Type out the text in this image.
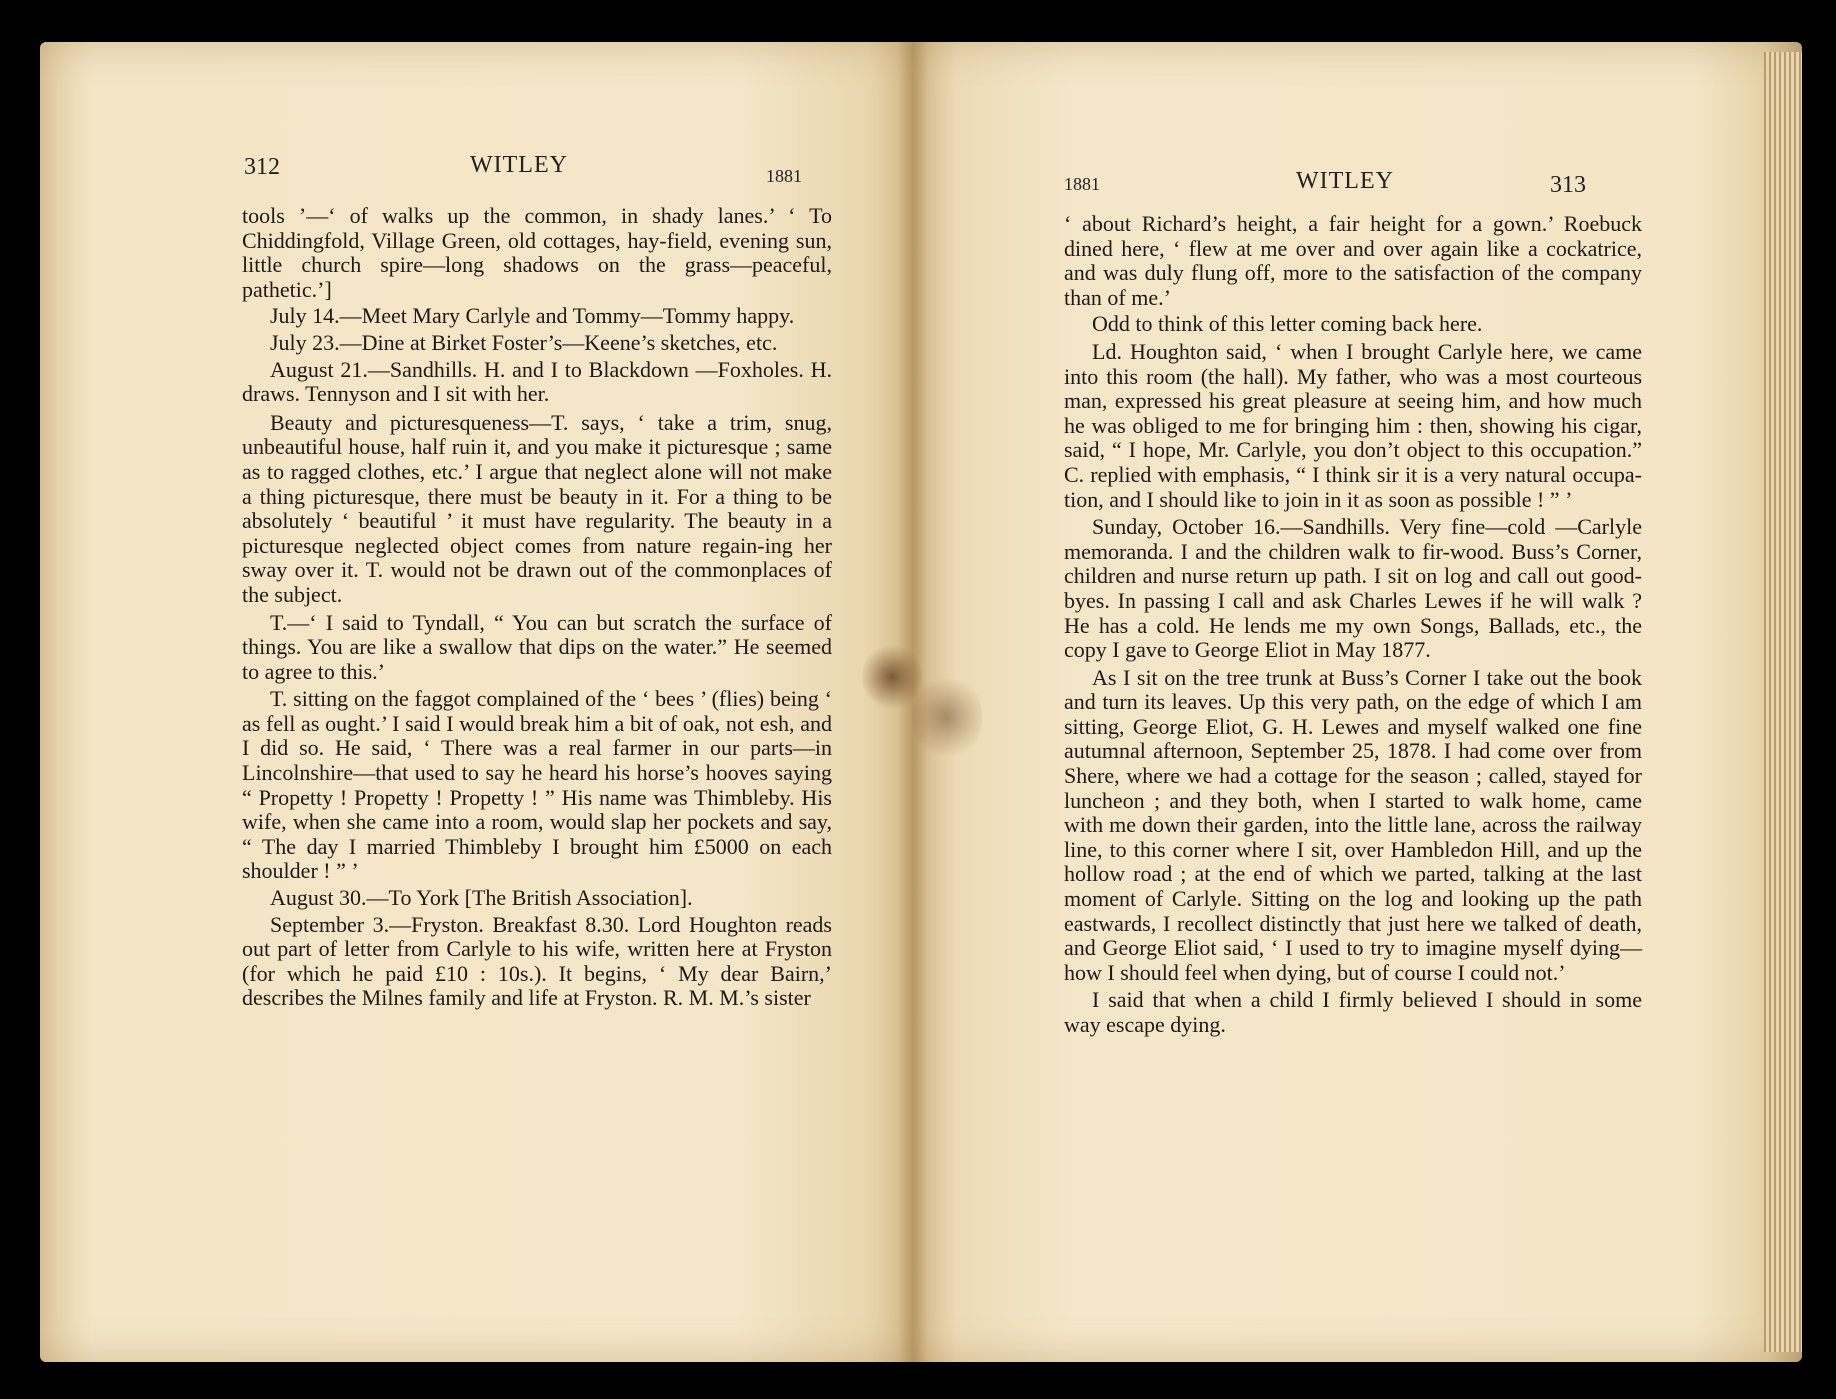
312	WITLEY	1881

tools ’—‘ of walks up the common, in shady lanes.’ ‘ To Chiddingfold, Village Green, old cottages, hay-field, evening sun, little church spire—long shadows on the grass—peaceful, pathetic.’]

July 14.—Meet Mary Carlyle and Tommy—Tommy happy.

July 23.—Dine at Birket Foster’s—Keene’s sketches, etc.

August 21.—Sandhills. H. and I to Blackdown —Foxholes. H. draws. Tennyson and I sit with her.

Beauty and picturesqueness—T. says, ‘ take a trim, snug, unbeautiful house, half ruin it, and you make it picturesque ; same as to ragged clothes, etc.’ I argue that neglect alone will not make a thing picturesque, there must be beauty in it. For a thing to be absolutely ‘ beautiful ’ it must have regularity. The beauty in a picturesque neglected object comes from nature regain-ing her sway over it. T. would not be drawn out of the commonplaces of the subject.

T.—‘ I said to Tyndall, “ You can but scratch the surface of things. You are like a swallow that dips on the water.” He seemed to agree to this.’

T. sitting on the faggot complained of the ‘ bees ’ (flies) being ‘ as fell as ought.’ I said I would break him a bit of oak, not esh, and I did so. He said, ‘ There was a real farmer in our parts—in Lincolnshire—that used to say he heard his horse’s hooves saying “ Propetty ! Propetty ! Propetty ! ” His name was Thimbleby. His wife, when she came into a room, would slap her pockets and say, “ The day I married Thimbleby I brought him £5000 on each shoulder ! ” ’

August 30.—To York [The British Association].

September 3.—Fryston. Breakfast 8.30. Lord Houghton reads out part of letter from Carlyle to his wife, written here at Fryston (for which he paid £10 : 10s.). It begins, ‘ My dear Bairn,’ describes the Milnes family and life at Fryston. R. M. M.’s sister

1881	WITLEY	313

‘ about Richard’s height, a fair height for a gown.’ Roebuck dined here, ‘ flew at me over and over again like a cockatrice, and was duly flung off, more to the satisfaction of the company than of me.’

Odd to think of this letter coming back here.

Ld. Houghton said, ‘ when I brought Carlyle here, we came into this room (the hall). My father, who was a most courteous man, expressed his great pleasure at seeing him, and how much he was obliged to me for bringing him : then, showing his cigar, said, “ I hope, Mr. Carlyle, you don’t object to this occupation.” C. replied with emphasis, “ I think sir it is a very natural occupa-tion, and I should like to join in it as soon as possible ! ” ’

Sunday, October 16.—Sandhills. Very fine—cold —Carlyle memoranda. I and the children walk to fir-wood. Buss’s Corner, children and nurse return up path. I sit on log and call out good-byes. In passing I call and ask Charles Lewes if he will walk ? He has a cold. He lends me my own Songs, Ballads, etc., the copy I gave to George Eliot in May 1877.

As I sit on the tree trunk at Buss’s Corner I take out the book and turn its leaves. Up this very path, on the edge of which I am sitting, George Eliot, G. H. Lewes and myself walked one fine autumnal afternoon, September 25, 1878. I had come over from Shere, where we had a cottage for the season ; called, stayed for luncheon ; and they both, when I started to walk home, came with me down their garden, into the little lane, across the railway line, to this corner where I sit, over Hambledon Hill, and up the hollow road ; at the end of which we parted, talking at the last moment of Carlyle. Sitting on the log and looking up the path eastwards, I recollect distinctly that just here we talked of death, and George Eliot said, ‘ I used to try to imagine myself dying—how I should feel when dying, but of course I could not.’

I said that when a child I firmly believed I should in some way escape dying.
